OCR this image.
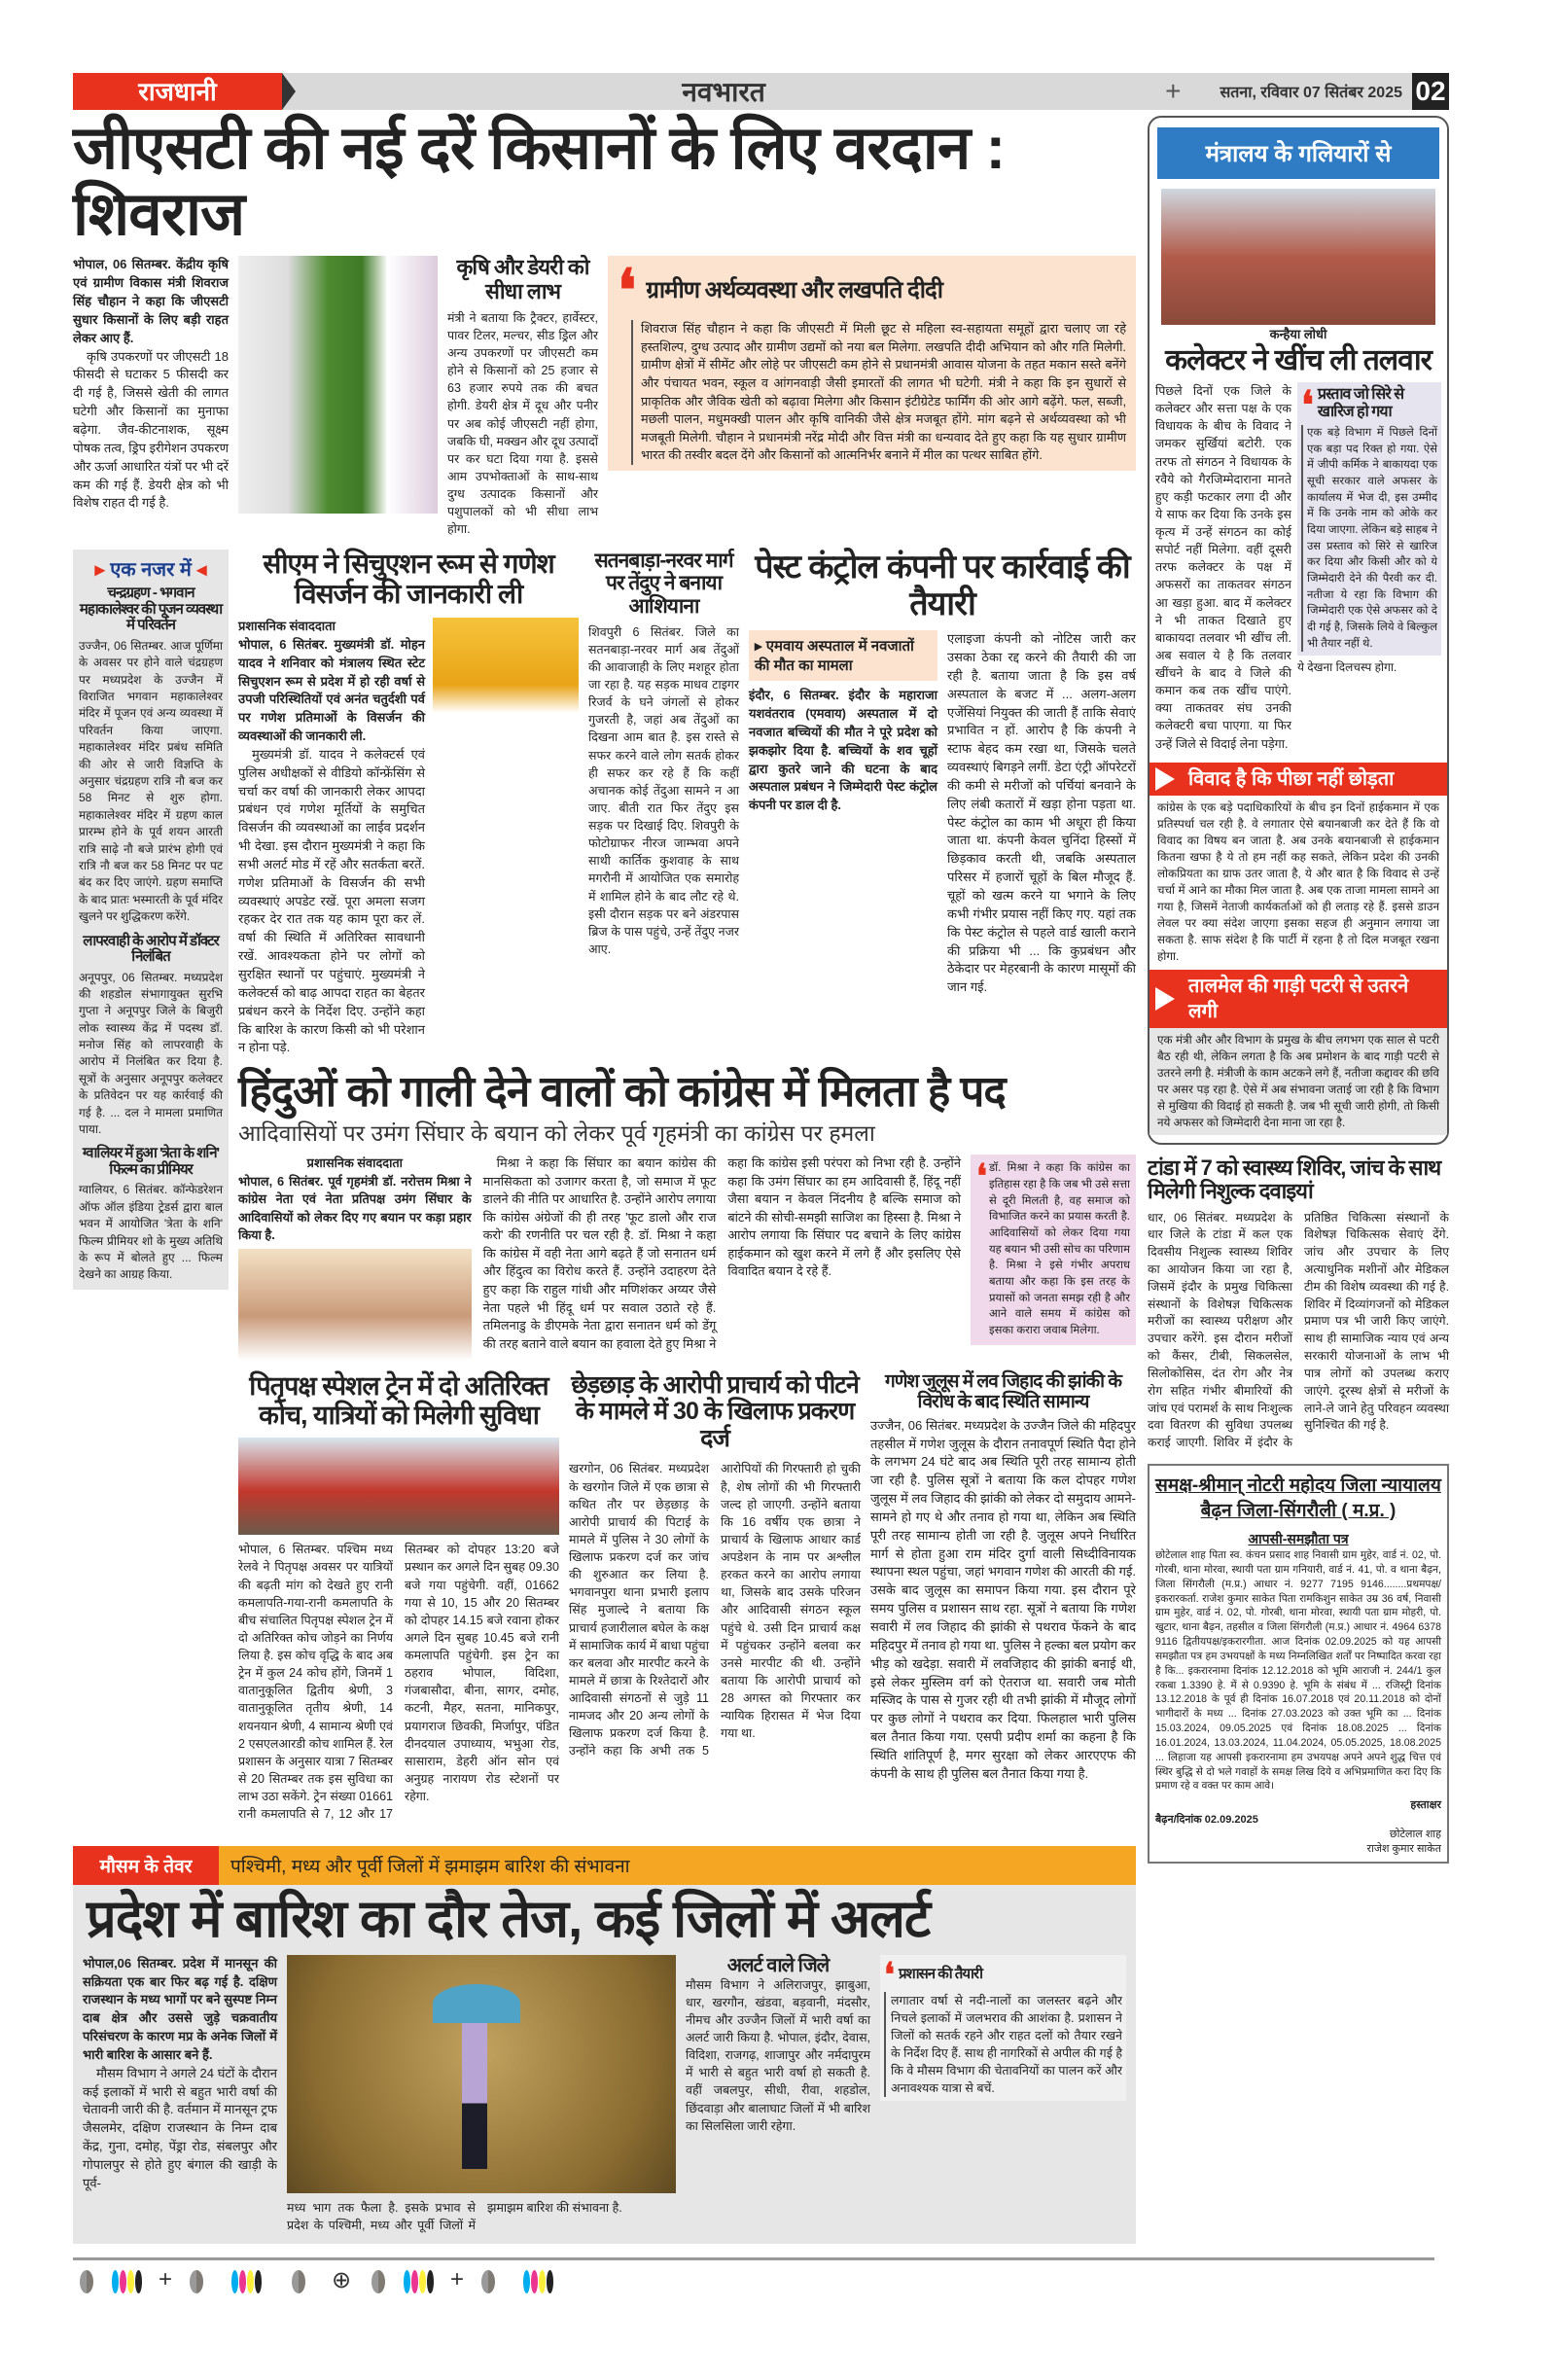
राजधानी	नवभारत	+	सतना, रविवार 07 सितंबर 2025 02
जीएसटी की नई दरें किसानों के लिए वरदान : शिवराज

भोपाल, 06 सितम्बर. केंद्रीय कृषि एवं ग्रामीण विकास मंत्री शिवराज सिंह चौहान ने कहा कि जीएसटी सुधार किसानों के लिए बड़ी राहत लेकर आए हैं.

कृषि उपकरणों पर जीएसटी 18 फीसदी से घटाकर 5 फीसदी कर दी गई है, जिससे खेती की लागत घटेगी और किसानों का मुनाफा बढ़ेगा. जैव-कीटनाशक, सूक्ष्म पोषक तत्व, ड्रिप इरीगेशन उपकरण और ऊर्जा आधारित यंत्रों पर भी दरें कम की गई हैं. डेयरी क्षेत्र को भी विशेष राहत दी गई है.

कृषि और डेयरी को सीधा लाभ
मंत्री ने बताया कि ट्रैक्टर, हार्वेस्टर, पावर टिलर, मल्चर, सीड ड्रिल और अन्य उपकरणों पर जीएसटी कम होने से किसानों को 25 हजार से 63 हजार रुपये तक की बचत होगी. डेयरी क्षेत्र में दूध और पनीर पर अब कोई जीएसटी नहीं होगा, जबकि घी, मक्खन और दूध उत्पादों पर कर घटा दिया गया है. इससे आम उपभोक्ताओं के साथ-साथ दुग्ध उत्पादक किसानों और पशुपालकों को भी सीधा लाभ होगा.
❛ ग्रामीण अर्थव्यवस्था और लखपति दीदी
शिवराज सिंह चौहान ने कहा कि जीएसटी में मिली छूट से महिला स्व-सहायता समूहों द्वारा चलाए जा रहे हस्तशिल्प, दुग्ध उत्पाद और ग्रामीण उद्यमों को नया बल मिलेगा. लखपति दीदी अभियान को और गति मिलेगी. ग्रामीण क्षेत्रों में सीमेंट और लोहे पर जीएसटी कम होने से प्रधानमंत्री आवास योजना के तहत मकान सस्ते बनेंगे और पंचायत भवन, स्कूल व आंगनवाड़ी जैसी इमारतों की लागत भी घटेगी. मंत्री ने कहा कि इन सुधारों से प्राकृतिक और जैविक खेती को बढ़ावा मिलेगा और किसान इंटीग्रेटेड फार्मिंग की ओर आगे बढ़ेंगे. फल, सब्जी, मछली पालन, मधुमक्खी पालन और कृषि वानिकी जैसे क्षेत्र मजबूत होंगे. मांग बढ़ने से अर्थव्यवस्था को भी मजबूती मिलेगी. चौहान ने प्रधानमंत्री नरेंद्र मोदी और वित्त मंत्री का धन्यवाद देते हुए कहा कि यह सुधार ग्रामीण भारत की तस्वीर बदल देंगे और किसानों को आत्मनिर्भर बनाने में मील का पत्थर साबित होंगे.
▸ एक नजर में ◂
चन्द्रग्रहण - भगवान महाकालेश्वर की पूजन व्यवस्था में परिवर्तन
उज्जैन, 06 सितम्बर. आज पूर्णिमा के अवसर पर होने वाले चंद्रग्रहण पर मध्यप्रदेश के उज्जैन में विराजित भगवान महाकालेश्वर मंदिर में पूजन एवं अन्य व्यवस्था में परिवर्तन किया जाएगा. महाकालेश्वर मंदिर प्रबंध समिति की ओर से जारी विज्ञप्ति के अनुसार चंद्रग्रहण रात्रि नौ बज कर 58 मिनट से शुरु होगा. महाकालेश्वर मंदिर में ग्रहण काल प्रारम्भ होने के पूर्व शयन आरती रात्रि साढ़े नौ बजे प्रारंभ होगी एवं रात्रि नौ बज कर 58 मिनट पर पट बंद कर दिए जाएंगे. ग्रहण समाप्ति के बाद प्रातः भस्मारती के पूर्व मंदिर खुलने पर शुद्धिकरण करेंगे.
लापरवाही के आरोप में डॉक्टर निलंबित
अनूपपुर, 06 सितम्बर. मध्यप्रदेश की शहडोल संभागायुक्त सुरभि गुप्ता ने अनूपपुर जिले के बिजुरी लोक स्वास्थ्य केंद्र में पदस्थ डॉ. मनोज सिंह को लापरवाही के आरोप में निलंबित कर दिया है. सूत्रों के अनुसार अनूपपुर कलेक्टर के प्रतिवेदन पर यह कार्रवाई की गई है. ... दल ने मामला प्रमाणित पाया.
ग्वालियर में हुआ 'त्रेता के शनि' फिल्म का प्रीमियर
ग्वालियर, 6 सितंबर. कॉन्फेडरेशन ऑफ ऑल इंडिया ट्रेडर्स द्वारा बाल भवन में आयोजित 'त्रेता के शनि' फिल्म प्रीमियर शो के मुख्य अतिथि के रूप में बोलते हुए ... फिल्म देखने का आग्रह किया.
सीएम ने सिचुएशन रूम से गणेश विसर्जन की जानकारी ली
प्रशासनिक संवाददाता

भोपाल, 6 सितंबर. मुख्यमंत्री डॉ. मोहन यादव ने शनिवार को मंत्रालय स्थित स्टेट सिचुएशन रूम से प्रदेश में हो रही वर्षा से उपजी परिस्थितियों एवं अनंत चतुर्दशी पर्व पर गणेश प्रतिमाओं के विसर्जन की व्यवस्थाओं की जानकारी ली.

मुख्यमंत्री डॉ. यादव ने कलेक्टर्स एवं पुलिस अधीक्षकों से वीडियो कॉन्फ्रेंसिंग से चर्चा कर वर्षा की जानकारी लेकर आपदा प्रबंधन एवं गणेश मूर्तियों के समुचित विसर्जन की व्यवस्थाओं का लाईव प्रदर्शन भी देखा. इस दौरान मुख्यमंत्री ने कहा कि सभी अलर्ट मोड में रहें और सतर्कता बरतें. गणेश प्रतिमाओं के विसर्जन की सभी व्यवस्थाएं अपडेट रखें. पूरा अमला सजग रहकर देर रात तक यह काम पूरा कर लें. वर्षा की स्थिति में अतिरिक्त सावधानी रखें. आवश्यकता होने पर लोगों को सुरक्षित स्थानों पर पहुंचाएं. मुख्यमंत्री ने कलेक्टर्स को बाढ़ आपदा राहत का बेहतर प्रबंधन करने के निर्देश दिए. उन्होंने कहा कि बारिश के कारण किसी को भी परेशान न होना पड़े.

सतनबाड़ा-नरवर मार्ग पर तेंदुए ने बनाया आशियाना
शिवपुरी 6 सितंबर. जिले का सतनबाड़ा-नरवर मार्ग अब तेंदुओं की आवाजाही के लिए मशहूर होता जा रहा है. यह सड़क माधव टाइगर रिजर्व के घने जंगलों से होकर गुजरती है, जहां अब तेंदुओं का दिखना आम बात है. इस रास्ते से सफर करने वाले लोग सतर्क होकर ही सफर कर रहे हैं कि कहीं अचानक कोई तेंदुआ सामने न आ जाए. बीती रात फिर तेंदुए इस सड़क पर दिखाई दिए. शिवपुरी के फोटोग्राफर नीरज जाम्भवा अपने साथी कार्तिक कुशवाह के साथ मगरौनी में आयोजित एक समारोह में शामिल होने के बाद लौट रहे थे. इसी दौरान सड़क पर बने अंडरपास ब्रिज के पास पहुंचे, उन्हें तेंदुए नजर आए.
पेस्ट कंट्रोल कंपनी पर कार्रवाई की तैयारी
▸ एमवाय अस्पताल में नवजातों की मौत का मामला

इंदौर, 6 सितम्बर. इंदौर के महाराजा यशवंतराव (एमवाय) अस्पताल में दो नवजात बच्चियों की मौत ने पूरे प्रदेश को झकझोर दिया है. बच्चियों के शव चूहों द्वारा कुतरे जाने की घटना के बाद अस्पताल प्रबंधन ने जिम्मेदारी पेस्ट कंट्रोल कंपनी पर डाल दी है.

एलाइजा कंपनी को नोटिस जारी कर उसका ठेका रद्द करने की तैयारी की जा रही है. बताया जाता है कि इस वर्ष अस्पताल के बजट में ... अलग-अलग एजेंसियां नियुक्त की जाती हैं ताकि सेवाएं प्रभावित न हों. आरोप है कि कंपनी ने स्टाफ बेहद कम रखा था, जिसके चलते व्यवस्थाएं बिगड़ने लगीं. डेटा एंट्री ऑपरेटरों की कमी से मरीजों को पर्चियां बनवाने के लिए लंबी कतारों में खड़ा होना पड़ता था. पेस्ट कंट्रोल का काम भी अधूरा ही किया जाता था. कंपनी केवल चुनिंदा हिस्सों में छिड़काव करती थी, जबकि अस्पताल परिसर में हजारों चूहों के बिल मौजूद हैं. चूहों को खत्म करने या भगाने के लिए कभी गंभीर प्रयास नहीं किए गए. यहां तक कि पेस्ट कंट्रोल से पहले वार्ड खाली कराने की प्रक्रिया भी ... कि कुप्रबंधन और ठेकेदार पर मेहरबानी के कारण मासूमों की जान गई.
हिंदुओं को गाली देने वालों को कांग्रेस में मिलता है पद
आदिवासियों पर उमंग सिंघार के बयान को लेकर पूर्व गृहमंत्री का कांग्रेस पर हमला
प्रशासनिक संवाददाता

भोपाल, 6 सितंबर. पूर्व गृहमंत्री डॉ. नरोत्तम मिश्रा ने कांग्रेस नेता एवं नेता प्रतिपक्ष उमंग सिंघार के आदिवासियों को लेकर दिए गए बयान पर कड़ा प्रहार किया है.

मिश्रा ने कहा कि सिंघार का बयान कांग्रेस की मानसिकता को उजागर करता है, जो समाज में फूट डालने की नीति पर आधारित है. उन्होंने आरोप लगाया कि कांग्रेस अंग्रेजों की ही तरह 'फूट डालो और राज करो' की रणनीति पर चल रही है. डॉ. मिश्रा ने कहा कि कांग्रेस में वही नेता आगे बढ़ते हैं जो सनातन धर्म और हिंदुत्व का विरोध करते हैं. उन्होंने उदाहरण देते हुए कहा कि राहुल गांधी और मणिशंकर अय्यर जैसे नेता पहले भी हिंदू धर्म पर सवाल उठाते रहे हैं. तमिलनाडु के डीएमके नेता द्वारा सनातन धर्म को डेंगू की तरह बताने वाले बयान का हवाला देते हुए मिश्रा ने कहा कि कांग्रेस इसी परंपरा को निभा रही है. उन्होंने कहा कि उमंग सिंघार का हम आदिवासी हैं, हिंदू नहीं जैसा बयान न केवल निंदनीय है बल्कि समाज को बांटने की सोची-समझी साजिश का हिस्सा है. मिश्रा ने आरोप लगाया कि सिंघार पद बचाने के लिए कांग्रेस हाईकमान को खुश करने में लगे हैं और इसलिए ऐसे विवादित बयान दे रहे हैं.

❛ डॉ. मिश्रा ने कहा कि कांग्रेस का इतिहास रहा है कि जब भी उसे सत्ता से दूरी मिलती है, वह समाज को विभाजित करने का प्रयास करती है. आदिवासियों को लेकर दिया गया यह बयान भी उसी सोच का परिणाम है. मिश्रा ने इसे गंभीर अपराध बताया और कहा कि इस तरह के प्रयासों को जनता समझ रही है और आने वाले समय में कांग्रेस को इसका करारा जवाब मिलेगा.
पितृपक्ष स्पेशल ट्रेन में दो अतिरिक्त कोच, यात्रियों को मिलेगी सुविधा

भोपाल, 6 सितम्बर. पश्चिम मध्य रेलवे ने पितृपक्ष अवसर पर यात्रियों की बढ़ती मांग को देखते हुए रानी कमलापति-गया-रानी कमलापति के बीच संचालित पितृपक्ष स्पेशल ट्रेन में दो अतिरिक्त कोच जोड़ने का निर्णय लिया है. इस कोच वृद्धि के बाद अब ट्रेन में कुल 24 कोच होंगे, जिनमें 1 वातानुकूलित द्वितीय श्रेणी, 3 वातानुकूलित तृतीय श्रेणी, 14 शयनयान श्रेणी, 4 सामान्य श्रेणी एवं 2 एसएलआरडी कोच शामिल हैं. रेल प्रशासन के अनुसार यात्रा 7 सितम्बर से 20 सितम्बर तक इस सुविधा का लाभ उठा सकेंगे. ट्रेन संख्या 01661 रानी कमलापति से 7, 12 और 17 सितम्बर को दोपहर 13:20 बजे प्रस्थान कर अगले दिन सुबह 09.30 बजे गया पहुंचेगी. वहीं, 01662 गया से 10, 15 और 20 सितम्बर को दोपहर 14.15 बजे रवाना होकर अगले दिन सुबह 10.45 बजे रानी कमलापति पहुंचेगी. इस ट्रेन का ठहराव भोपाल, विदिशा, गंजबासौदा, बीना, सागर, दमोह, कटनी, मैहर, सतना, मानिकपुर, प्रयागराज छिवकी, मिर्जापुर, पंडित दीनदयाल उपाध्याय, भभुआ रोड, सासाराम, डेहरी ऑन सोन एवं अनुग्रह नारायण रोड स्टेशनों पर रहेगा.

छेड़छाड़ के आरोपी प्राचार्य को पीटने के मामले में 30 के खिलाफ प्रकरण दर्ज
खरगोन, 06 सितंबर. मध्यप्रदेश के खरगोन जिले में एक छात्रा से कथित तौर पर छेड़छाड़ के आरोपी प्राचार्य की पिटाई के मामले में पुलिस ने 30 लोगों के खिलाफ प्रकरण दर्ज कर जांच की शुरुआत कर लिया है. भगवानपुरा थाना प्रभारी इलाप सिंह मुजाल्दे ने बताया कि प्राचार्य हजारीलाल बघेल के कक्ष में सामाजिक कार्य में बाधा पहुंचा कर बलवा और मारपीट करने के मामले में छात्रा के रिश्तेदारों और आदिवासी संगठनों से जुड़े 11 नामजद और 20 अन्य लोगों के खिलाफ प्रकरण दर्ज किया है. उन्होंने कहा कि अभी तक 5 आरोपियों की गिरफ्तारी हो चुकी है, शेष लोगों की भी गिरफ्तारी जल्द हो जाएगी. उन्होंने बताया कि 16 वर्षीय एक छात्रा ने प्राचार्य के खिलाफ आधार कार्ड अपडेशन के नाम पर अश्लील हरकत करने का आरोप लगाया था, जिसके बाद उसके परिजन और आदिवासी संगठन स्कूल पहुंचे थे. उसी दिन प्राचार्य कक्ष में पहुंचकर उन्होंने बलवा कर उनसे मारपीट की थी. उन्होंने बताया कि आरोपी प्राचार्य को 28 अगस्त को गिरफ्तार कर न्यायिक हिरासत में भेज दिया गया था.
गणेश जुलूस में लव जिहाद की झांकी के विरोध के बाद स्थिति सामान्य
उज्जैन, 06 सितंबर. मध्यप्रदेश के उज्जैन जिले की महिदपुर तहसील में गणेश जुलूस के दौरान तनावपूर्ण स्थिति पैदा होने के लगभग 24 घंटे बाद अब स्थिति पूरी तरह सामान्य होती जा रही है. पुलिस सूत्रों ने बताया कि कल दोपहर गणेश जुलूस में लव जिहाद की झांकी को लेकर दो समुदाय आमने-सामने हो गए थे और तनाव हो गया था, लेकिन अब स्थिति पूरी तरह सामान्य होती जा रही है. जुलूस अपने निर्धारित मार्ग से होता हुआ राम मंदिर दुर्गा वाली सिध्दीविनायक स्थापना स्थल पहुंचा, जहां भगवान गणेश की आरती की गई. उसके बाद जुलूस का समापन किया गया. इस दौरान पूरे समय पुलिस व प्रशासन साथ रहा. सूत्रों ने बताया कि गणेश सवारी में लव जिहाद की झांकी से पथराव फेंकने के बाद महिदपुर में तनाव हो गया था. पुलिस ने हल्का बल प्रयोग कर भीड़ को खदेड़ा. सवारी में लवजिहाद की झांकी बनाई थी, इसे लेकर मुस्लिम वर्ग को ऐतराज था. सवारी जब मोती मस्जिद के पास से गुजर रही थी तभी झांकी में मौजूद लोगों पर कुछ लोगों ने पथराव कर दिया. फिलहाल भारी पुलिस बल तैनात किया गया. एसपी प्रदीप शर्मा का कहना है कि स्थिति शांतिपूर्ण है, मगर सुरक्षा को लेकर आरएएफ की कंपनी के साथ ही पुलिस बल तैनात किया गया है.
मौसम के तेवर	पश्चिमी, मध्य और पूर्वी जिलों में झमाझम बारिश की संभावना
प्रदेश में बारिश का दौर तेज, कई जिलों में अलर्ट

भोपाल,06 सितम्बर. प्रदेश में मानसून की सक्रियता एक बार फिर बढ़ गई है. दक्षिण राजस्थान के मध्य भागों पर बने सुस्पष्ट निम्न दाब क्षेत्र और उससे जुड़े चक्रवातीय परिसंचरण के कारण मप्र के अनेक जिलों में भारी बारिश के आसार बने हैं.

मौसम विभाग ने अगले 24 घंटों के दौरान कई इलाकों में भारी से बहुत भारी वर्षा की चेतावनी जारी की है. वर्तमान में मानसून ट्रफ जैसलमेर, दक्षिण राजस्थान के निम्न दाब केंद्र, गुना, दमोह, पेंड्रा रोड, संबलपुर और गोपालपुर से होते हुए बंगाल की खाड़ी के पूर्व-

मध्य भाग तक फैला है. इसके प्रभाव से प्रदेश के पश्चिमी, मध्य और पूर्वी जिलों में झमाझम बारिश की संभावना है.
अलर्ट वाले जिले
मौसम विभाग ने अलिराजपुर, झाबुआ, धार, खरगौन, खंडवा, बड़वानी, मंदसौर, नीमच और उज्जैन जिलों में भारी वर्षा का अलर्ट जारी किया है. भोपाल, इंदौर, देवास, विदिशा, राजगढ़, शाजापुर और नर्मदापुरम में भारी से बहुत भारी वर्षा हो सकती है. वहीं जबलपुर, सीधी, रीवा, शहडोल, छिंदवाड़ा और बालाघाट जिलों में भी बारिश का सिलसिला जारी रहेगा.
❛ प्रशासन की तैयारी
लगातार वर्षा से नदी-नालों का जलस्तर बढ़ने और निचले इलाकों में जलभराव की आशंका है. प्रशासन ने जिलों को सतर्क रहने और राहत दलों को तैयार रखने के निर्देश दिए हैं. साथ ही नागरिकों से अपील की गई है कि वे मौसम विभाग की चेतावनियों का पालन करें और अनावश्यक यात्रा से बचें.
मंत्रालय के गलियारों से
कन्हैया लोधी
कलेक्टर ने खींच ली तलवार
पिछले दिनों एक जिले के कलेक्टर और सत्ता पक्ष के एक विधायक के बीच के विवाद ने जमकर सुर्खियां बटोरी. एक तरफ तो संगठन ने विधायक के रवैये को गैरजिम्मेदाराना मानते हुए कड़ी फटकार लगा दी और ये साफ कर दिया कि उनके इस कृत्य में उन्हें संगठन का कोई सपोर्ट नहीं मिलेगा. वहीं दूसरी तरफ कलेक्टर के पक्ष में अफसरों का ताकतवर संगठन आ खड़ा हुआ. बाद में कलेक्टर ने भी ताकत दिखाते हुए बाकायदा तलवार भी खींच ली. अब सवाल ये है कि तलवार खींचने के बाद वे जिले की कमान कब तक खींच पाएंगे. क्या ताकतवर संघ उनकी कलेक्टरी बचा पाएगा. या फिर उन्हें जिले से विदाई लेना पड़ेगा.
❛ प्रस्ताव जो सिरे से खारिज हो गया
एक बड़े विभाग में पिछले दिनों एक बड़ा पद रिक्त हो गया. ऐसे में जीपी कर्मिक ने बाकायदा एक सूची सरकार वाले अफसर के कार्यालय में भेज दी, इस उम्मीद में कि उनके नाम को ओके कर दिया जाएगा. लेकिन बड़े साहब ने उस प्रस्ताव को सिरे से खारिज कर दिया और किसी और को ये जिम्मेदारी देने की पैरवी कर दी. नतीजा ये रहा कि विभाग की जिम्मेदारी एक ऐसे अफसर को दे दी गई है, जिसके लिये वे बिल्कुल भी तैयार नहीं थे.
ये देखना दिलचस्प होगा.
विवाद है कि पीछा नहीं छोड़ता
कांग्रेस के एक बड़े पदाधिकारियों के बीच इन दिनों हाईकमान में एक प्रतिस्पर्धा चल रही है. वे लगातार ऐसे बयानबाजी कर देते हैं कि वो विवाद का विषय बन जाता है. अब उनके बयानबाजी से हाईकमान कितना खफा है ये तो हम नहीं कह सकते, लेकिन प्रदेश की उनकी लोकप्रियता का ग्राफ उतर जाता है, ये और बात है कि विवाद से उन्हें चर्चा में आने का मौका मिल जाता है. अब एक ताजा मामला सामने आ गया है, जिसमें नेताजी कार्यकर्ताओं को ही लताड़ रहे हैं. इससे डाउन लेवल पर क्या संदेश जाएगा इसका सहज ही अनुमान लगाया जा सकता है. साफ संदेश है कि पार्टी में रहना है तो दिल मजबूत रखना होगा.
तालमेल की गाड़ी पटरी से उतरने लगी
एक मंत्री और और विभाग के प्रमुख के बीच लगभग एक साल से पटरी बैठ रही थी, लेकिन लगता है कि अब प्रमोशन के बाद गाड़ी पटरी से उतरने लगी है. मंत्रीजी के काम अटकने लगे हैं, नतीजा कद्दावर की छवि पर असर पड़ रहा है. ऐसे में अब संभावना जताई जा रही है कि विभाग से मुखिया की विदाई हो सकती है. जब भी सूची जारी होगी, तो किसी नये अफसर को जिम्मेदारी देना माना जा रहा है.
टांडा में 7 को स्वास्थ्य शिविर, जांच के साथ मिलेगी निशुल्क दवाइयां
धार, 06 सितंबर. मध्यप्रदेश के धार जिले के टांडा में कल एक दिवसीय निशुल्क स्वास्थ्य शिविर का आयोजन किया जा रहा है, जिसमें इंदौर के प्रमुख चिकित्सा संस्थानों के विशेषज्ञ चिकित्सक मरीजों का स्वास्थ्य परीक्षण और उपचार करेंगे. इस दौरान मरीजों को कैंसर, टीबी, सिकलसेल, सिलोकोसिस, दंत रोग और नेत्र रोग सहित गंभीर बीमारियों की जांच एवं परामर्श के साथ निःशुल्क दवा वितरण की सुविधा उपलब्ध कराई जाएगी. शिविर में इंदौर के प्रतिष्ठित चिकित्सा संस्थानों के विशेषज्ञ चिकित्सक सेवाएं देंगे. जांच और उपचार के लिए अत्याधुनिक मशीनों और मेडिकल टीम की विशेष व्यवस्था की गई है. शिविर में दिव्यांगजनों को मेडिकल प्रमाण पत्र भी जारी किए जाएंगे. साथ ही सामाजिक न्याय एवं अन्य सरकारी योजनाओं के लाभ भी पात्र लोगों को उपलब्ध कराए जाएंगे. दूरस्थ क्षेत्रों से मरीजों के लाने-ले जाने हेतु परिवहन व्यवस्था सुनिश्चित की गई है.
समक्ष-श्रीमान् नोटरी महोदय जिला न्यायालय
बैढ़न जिला-सिंगरौली ( म.प्र. )
आपसी-समझौता पत्र
छोटेलाल शाह पिता स्व. कंचन प्रसाद शाह निवासी ग्राम मुहेर, वार्ड नं. 02, पो. गोरबी, थाना मोरवा, स्थायी पता ग्राम गनियारी, वार्ड नं. 41, पो. व थाना बैढ़न, जिला सिंगरौली (म.प्र.) आधार नं. 9277 7195 9146........प्रथमपक्ष/इकरारकर्ता. राजेश कुमार साकेत पिता रामकिशुन साकेत उम्र 36 वर्ष, निवासी ग्राम मुहेर, वार्ड नं. 02, पो. गोरबी, थाना मोरवा, स्थायी पता ग्राम मोहरी, पो. खुटार, थाना बैढ़न, तहसील व जिला सिंगरौली (म.प्र.) आधार नं. 4964 6378 9116 द्वितीयपक्ष/इकरारगीता. आज दिनांक 02.09.2025 को यह आपसी समझौता पत्र हम उभयपक्षों के मध्य निम्नलिखित शर्तों पर निष्पादित करवा रहा है कि... इकरारनामा दिनांक 12.12.2018 को भूमि आराजी नं. 244/1 कुल रकबा 1.3390 हे. में से 0.9390 हे. भूमि के संबंध में ... रजिस्ट्री दिनांक 13.12.2018 के पूर्व ही दिनांक 16.07.2018 एवं 20.11.2018 को दोनों भागीदारों के मध्य ... दिनांक 27.03.2023 को उक्त भूमि का ... दिनांक 15.03.2024, 09.05.2025 एवं दिनांक 18.08.2025 ... दिनांक 16.01.2024, 13.03.2024, 11.04.2024, 05.05.2025, 18.08.2025 ... लिहाजा यह आपसी इकरारनामा हम उभयपक्ष अपने अपने शुद्ध चित्त एवं स्थिर बुद्धि से दो भले गवाहों के समक्ष लिख दिये व अभिप्रमाणित करा दिए कि प्रमाण रहे व वक्त पर काम आवे।
हस्ताक्षर
बैढ़न/दिनांक 02.09.2025
छोटेलाल शाह
राजेश कुमार साकेत
+	⊕	+
